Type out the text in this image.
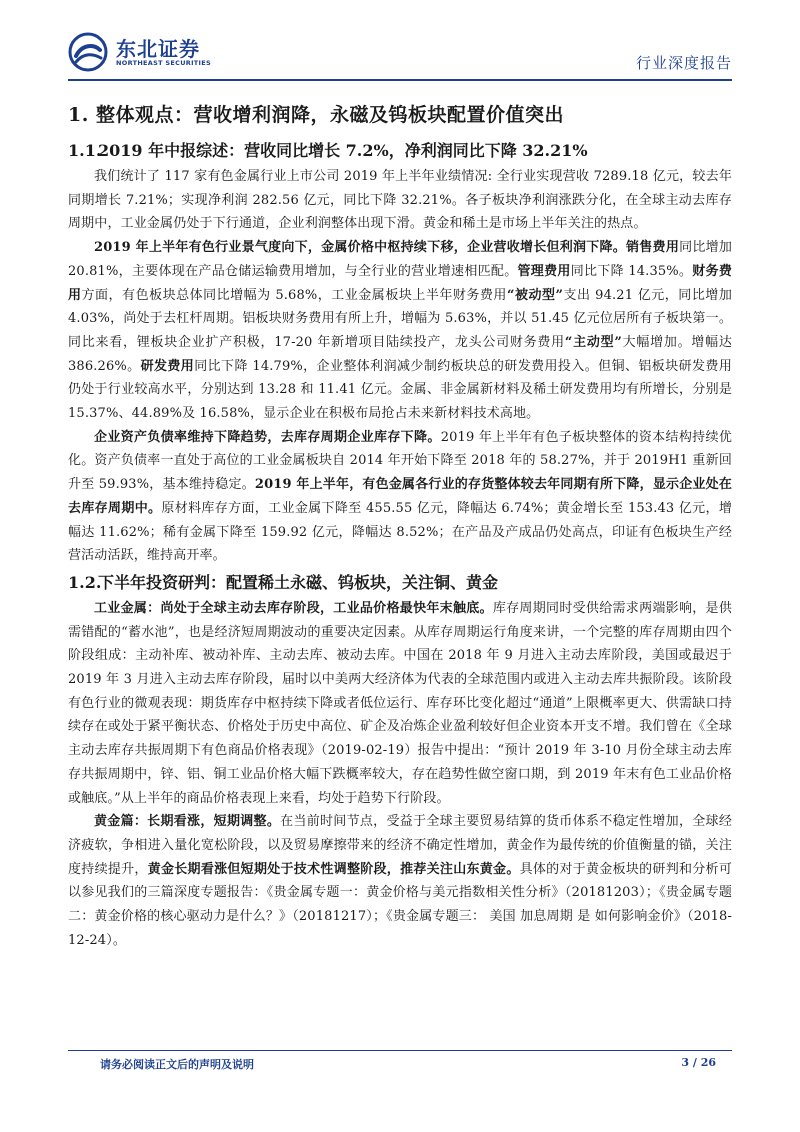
东北证券
NORTHEAST SECURITIES	行业深度报告
1. 整体观点：营收增利润降，永磁及钨板块配置价值突出
1.1.2019 年中报综述：营收同比增长 7.2%，净利润同比下降 32.21%

我们统计了 117 家有色金属行业上市公司 2019 年上半年业绩情况: 全行业实现营收 7289.18 亿元，较去年同期增长 7.21%；实现净利润 282.56 亿元，同比下降 32.21%。各子板块净利润涨跌分化，在全球主动去库存周期中，工业金属仍处于下行通道，企业利润整体出现下滑。黄金和稀土是市场上半年关注的热点。

2019 年上半年有色行业景气度向下，金属价格中枢持续下移，企业营收增长但利润下降。销售费用同比增加 20.81%，主要体现在产品仓储运输费用增加，与全行业的营业增速相匹配。管理费用同比下降 14.35%。财务费用方面，有色板块总体同比增幅为 5.68%，工业金属板块上半年财务费用“被动型”支出 94.21 亿元，同比增加 4.03%，尚处于去杠杆周期。铝板块财务费用有所上升，增幅为 5.63%，并以 51.45 亿元位居所有子板块第一。同比来看，锂板块企业扩产积极，17-20 年新增项目陆续投产，龙头公司财务费用“主动型”大幅增加。增幅达 386.26%。研发费用同比下降 14.79%，企业整体利润减少制约板块总的研发费用投入。但铜、铝板块研发费用仍处于行业较高水平，分别达到 13.28 和 11.41 亿元。金属、非金属新材料及稀土研发费用均有所增长，分别是 15.37%、44.89%及 16.58%，显示企业在积极布局抢占未来新材料技术高地。

企业资产负债率维持下降趋势，去库存周期企业库存下降。2019 年上半年有色子板块整体的资本结构持续优化。资产负债率一直处于高位的工业金属板块自 2014 年开始下降至 2018 年的 58.27%，并于 2019H1 重新回升至 59.93%，基本维持稳定。2019 年上半年，有色金属各行业的存货整体较去年同期有所下降，显示企业处在去库存周期中。原材料库存方面，工业金属下降至 455.55 亿元，降幅达 6.74%；黄金增长至 153.43 亿元，增幅达 11.62%；稀有金属下降至 159.92 亿元，降幅达 8.52%；在产品及产成品仍处高点，印证有色板块生产经营活动活跃，维持高开率。

1.2.下半年投资研判：配置稀土永磁、钨板块，关注铜、黄金

工业金属：尚处于全球主动去库存阶段，工业品价格最快年末触底。库存周期同时受供给需求两端影响，是供需错配的“蓄水池”，也是经济短周期波动的重要决定因素。从库存周期运行角度来讲，一个完整的库存周期由四个阶段组成：主动补库、被动补库、主动去库、被动去库。中国在 2018 年 9 月进入主动去库阶段，美国或最迟于 2019 年 3 月进入主动去库存阶段，届时以中美两大经济体为代表的全球范围内或进入主动去库共振阶段。该阶段有色行业的微观表现：期货库存中枢持续下降或者低位运行、库存环比变化超过“通道”上限概率更大、供需缺口持续存在或处于紧平衡状态、价格处于历史中高位、矿企及冶炼企业盈利较好但企业资本开支不增。我们曾在《全球主动去库存共振周期下有色商品价格表现》（2019-02-19）报告中提出：“预计 2019 年 3-10 月份全球主动去库存共振周期中，锌、铝、铜工业品价格大幅下跌概率较大，存在趋势性做空窗口期，到 2019 年末有色工业品价格或触底。”从上半年的商品价格表现上来看，均处于趋势下行阶段。

黄金篇：长期看涨，短期调整。在当前时间节点，受益于全球主要贸易结算的货币体系不稳定性增加，全球经济疲软，争相进入量化宽松阶段，以及贸易摩擦带来的经济不确定性增加，黄金作为最传统的价值衡量的锚，关注度持续提升，黄金长期看涨但短期处于技术性调整阶段，推荐关注山东黄金。具体的对于黄金板块的研判和分析可以参见我们的三篇深度专题报告：《贵金属专题一：黄金价格与美元指数相关性分析》（20181203）；《贵金属专题二：黄金价格的核心驱动力是什么？》（20181217）；《贵金属专题三： 美国 加息周期 是 如何影响金价》（2018-12-24）。

请务必阅读正文后的声明及说明	3 / 26
